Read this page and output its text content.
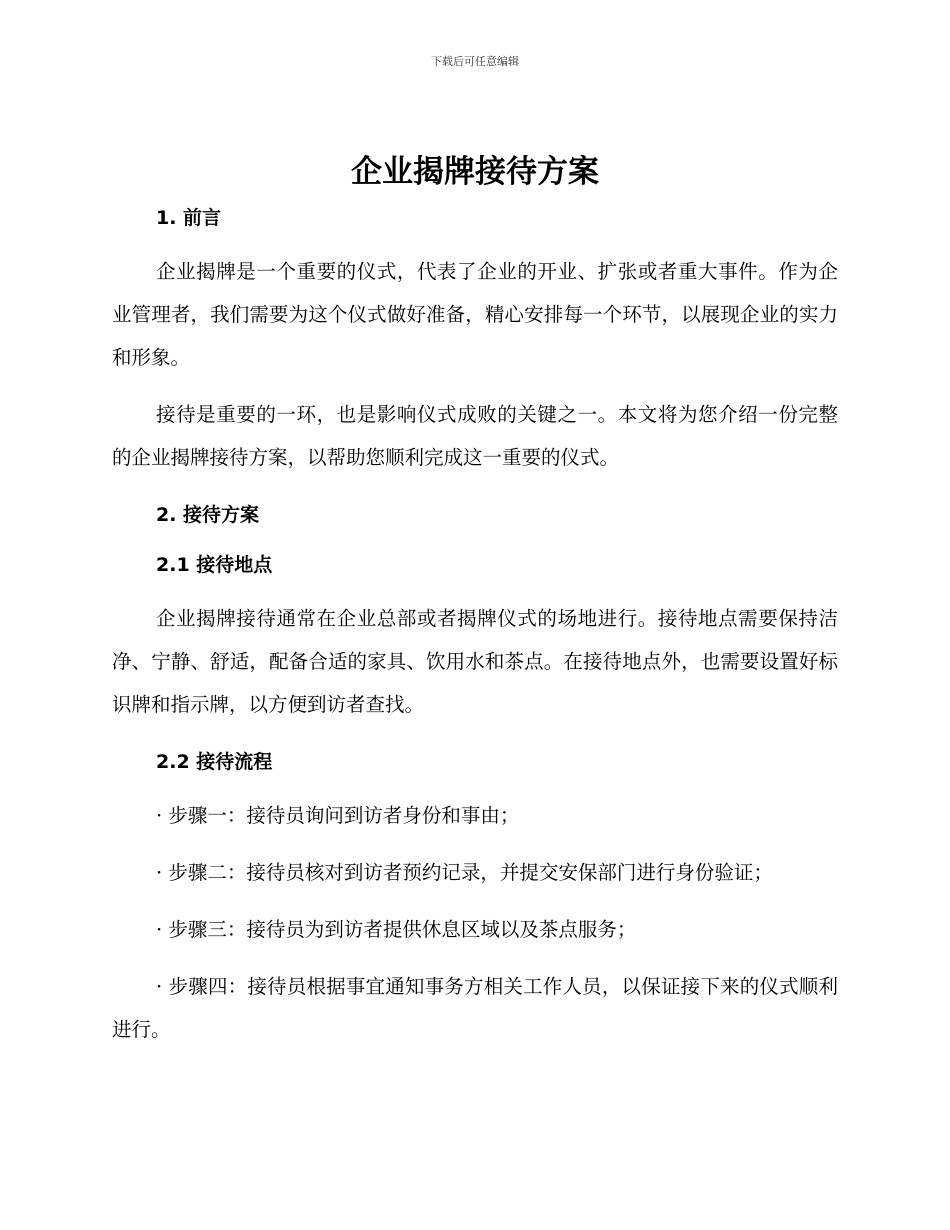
下载后可任意编辑
企业揭牌接待方案
1. 前言

企业揭牌是一个重要的仪式，代表了企业的开业、扩张或者重大事件。作为企业管理者，我们需要为这个仪式做好准备，精心安排每一个环节，以展现企业的实力和形象。

接待是重要的一环，也是影响仪式成败的关键之一。本文将为您介绍一份完整的企业揭牌接待方案，以帮助您顺利完成这一重要的仪式。

2. 接待方案
2.1 接待地点

企业揭牌接待通常在企业总部或者揭牌仪式的场地进行。接待地点需要保持洁净、宁静、舒适，配备合适的家具、饮用水和茶点。在接待地点外，也需要设置好标识牌和指示牌，以方便到访者查找。

2.2 接待流程

· 步骤一：接待员询问到访者身份和事由；

· 步骤二：接待员核对到访者预约记录，并提交安保部门进行身份验证；

· 步骤三：接待员为到访者提供休息区域以及茶点服务；

· 步骤四：接待员根据事宜通知事务方相关工作人员，以保证接下来的仪式顺利进行。
